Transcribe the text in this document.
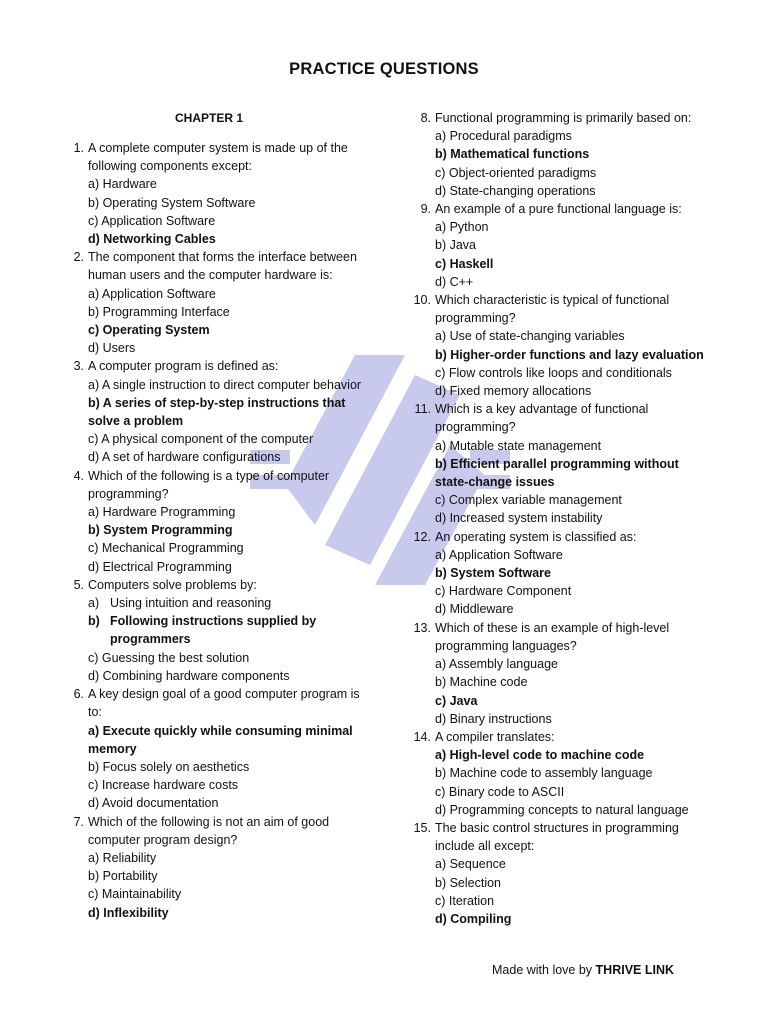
PRACTICE QUESTIONS
CHAPTER 1
1. A complete computer system is made up of the following components except:
a) Hardware
b) Operating System Software
c) Application Software
d) Networking Cables
2. The component that forms the interface between human users and the computer hardware is:
a) Application Software
b) Programming Interface
c) Operating System
d) Users
3. A computer program is defined as:
a) A single instruction to direct computer behavior
b) A series of step-by-step instructions that solve a problem
c) A physical component of the computer
d) A set of hardware configurations
4. Which of the following is a type of computer programming?
a) Hardware Programming
b) System Programming
c) Mechanical Programming
d) Electrical Programming
5. Computers solve problems by:
a) Using intuition and reasoning
b) Following instructions supplied by programmers
c) Guessing the best solution
d) Combining hardware components
6. A key design goal of a good computer program is to:
a) Execute quickly while consuming minimal memory
b) Focus solely on aesthetics
c) Increase hardware costs
d) Avoid documentation
7. Which of the following is not an aim of good computer program design?
a) Reliability
b) Portability
c) Maintainability
d) Inflexibility
8. Functional programming is primarily based on:
a) Procedural paradigms
b) Mathematical functions
c) Object-oriented paradigms
d) State-changing operations
9. An example of a pure functional language is:
a) Python
b) Java
c) Haskell
d) C++
10. Which characteristic is typical of functional programming?
a) Use of state-changing variables
b) Higher-order functions and lazy evaluation
c) Flow controls like loops and conditionals
d) Fixed memory allocations
11. Which is a key advantage of functional programming?
a) Mutable state management
b) Efficient parallel programming without state-change issues
c) Complex variable management
d) Increased system instability
12. An operating system is classified as:
a) Application Software
b) System Software
c) Hardware Component
d) Middleware
13. Which of these is an example of high-level programming languages?
a) Assembly language
b) Machine code
c) Java
d) Binary instructions
14. A compiler translates:
a) High-level code to machine code
b) Machine code to assembly language
c) Binary code to ASCII
d) Programming concepts to natural language
15. The basic control structures in programming include all except:
a) Sequence
b) Selection
c) Iteration
d) Compiling
Made with love by THRIVE LINK
